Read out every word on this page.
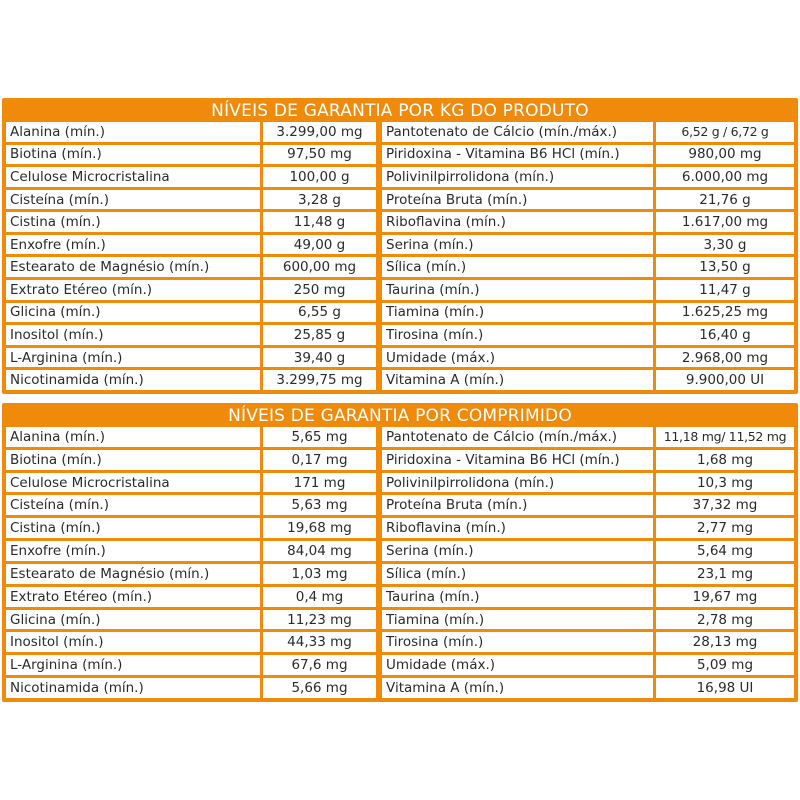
NÍVEIS DE GARANTIA POR KG DO PRODUTO
Alanina (mín.)	3.299,00 mg
Biotina (mín.)	97,50 mg
Celulose Microcristalina	100,00 g
Cisteína (mín.)	3,28 g
Cistina (mín.)	11,48 g
Enxofre (mín.)	49,00 g
Estearato de Magnésio (mín.)	600,00 mg
Extrato Etéreo (mín.)	250 mg
Glicina (mín.)	6,55 g
Inositol (mín.)	25,85 g
L-Arginina (mín.)	39,40 g
Nicotinamida (mín.)	3.299,75 mg
Pantotenato de Cálcio (mín./máx.)	6,52 g / 6,72 g
Piridoxina - Vitamina B6 HCl (mín.)	980,00 mg
Polivinilpirrolidona (mín.)	6.000,00 mg
Proteína Bruta (mín.)	21,76 g
Riboflavina (mín.)	1.617,00 mg
Serina (mín.)	3,30 g
Sílica (mín.)	13,50 g
Taurina (mín.)	11,47 g
Tiamina (mín.)	1.625,25 mg
Tirosina (mín.)	16,40 g
Umidade (máx.)	2.968,00 mg
Vitamina A (mín.)	9.900,00 UI
NÍVEIS DE GARANTIA POR COMPRIMIDO
Alanina (mín.)	5,65 mg
Biotina (mín.)	0,17 mg
Celulose Microcristalina	171 mg
Cisteína (mín.)	5,63 mg
Cistina (mín.)	19,68 mg
Enxofre (mín.)	84,04 mg
Estearato de Magnésio (mín.)	1,03 mg
Extrato Etéreo (mín.)	0,4 mg
Glicina (mín.)	11,23 mg
Inositol (mín.)	44,33 mg
L-Arginina (mín.)	67,6 mg
Nicotinamida (mín.)	5,66 mg
Pantotenato de Cálcio (mín./máx.)	11,18 mg/ 11,52 mg
Piridoxina - Vitamina B6 HCl (mín.)	1,68 mg
Polivinilpirrolidona (mín.)	10,3 mg
Proteína Bruta (mín.)	37,32 mg
Riboflavina (mín.)	2,77 mg
Serina (mín.)	5,64 mg
Sílica (mín.)	23,1 mg
Taurina (mín.)	19,67 mg
Tiamina (mín.)	2,78 mg
Tirosina (mín.)	28,13 mg
Umidade (máx.)	5,09 mg
Vitamina A (mín.)	16,98 UI
